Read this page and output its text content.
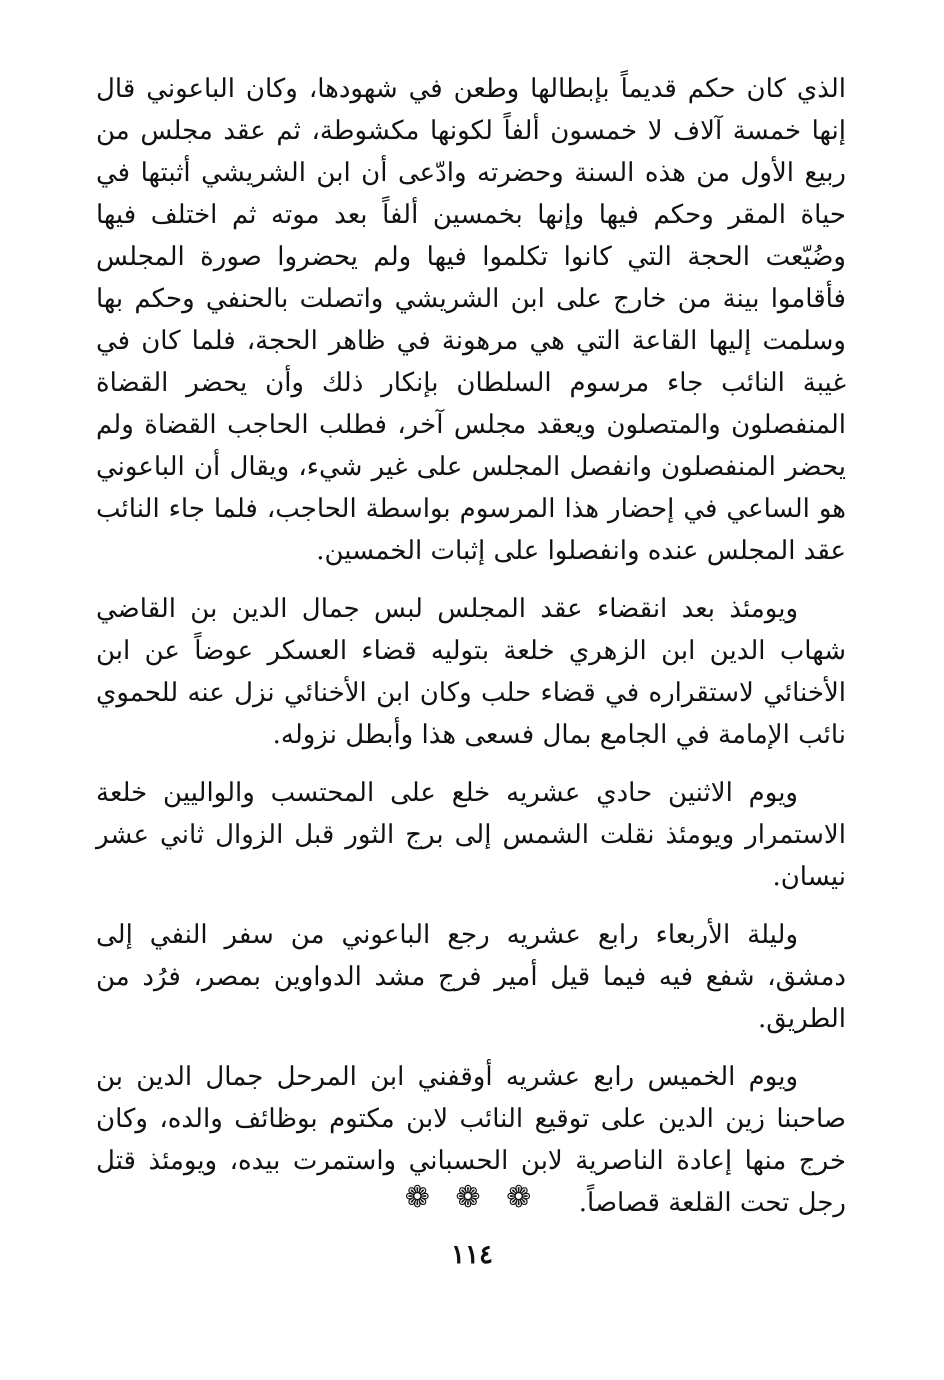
الذي كان حكم قديماً بإبطالها وطعن في شهودها، وكان الباعوني قال إنها خمسة آلاف لا خمسون ألفاً لكونها مكشوطة، ثم عقد مجلس من ربيع الأول من هذه السنة وحضرته وادّعى أن ابن الشريشي أثبتها في حياة المقر وحكم فيها وإنها بخمسين ألفاً بعد موته ثم اختلف فيها وضُيّعت الحجة التي كانوا تكلموا فيها ولم يحضروا صورة المجلس فأقاموا بينة من خارج على ابن الشريشي واتصلت بالحنفي وحكم بها وسلمت إليها القاعة التي هي مرهونة في ظاهر الحجة، فلما كان في غيبة النائب جاء مرسوم السلطان بإنكار ذلك وأن يحضر القضاة المنفصلون والمتصلون ويعقد مجلس آخر، فطلب الحاجب القضاة ولم يحضر المنفصلون وانفصل المجلس على غير شيء، ويقال أن الباعوني هو الساعي في إحضار هذا المرسوم بواسطة الحاجب، فلما جاء النائب عقد المجلس عنده وانفصلوا على إثبات الخمسين.

ويومئذ بعد انقضاء عقد المجلس لبس جمال الدين بن القاضي شهاب الدين ابن الزهري خلعة بتوليه قضاء العسكر عوضاً عن ابن الأخنائي لاستقراره في قضاء حلب وكان ابن الأخنائي نزل عنه للحموي نائب الإمامة في الجامع بمال فسعى هذا وأبطل نزوله.

ويوم الاثنين حادي عشريه خلع على المحتسب والواليين خلعة الاستمرار ويومئذ نقلت الشمس إلى برج الثور قبل الزوال ثاني عشر نيسان.

وليلة الأربعاء رابع عشريه رجع الباعوني من سفر النفي إلى دمشق، شفع فيه فيما قيل أمير فرج مشد الدواوين بمصر، فرُد من الطريق.

ويوم الخميس رابع عشريه أوقفني ابن المرحل جمال الدين بن صاحبنا زين الدين على توقيع النائب لابن مكتوم بوظائف والده، وكان خرج منها إعادة الناصرية لابن الحسباني واستمرت بيده، ويومئذ قتل رجل تحت القلعة قصاصاً.

❁ ❁ ❁
١١٤
